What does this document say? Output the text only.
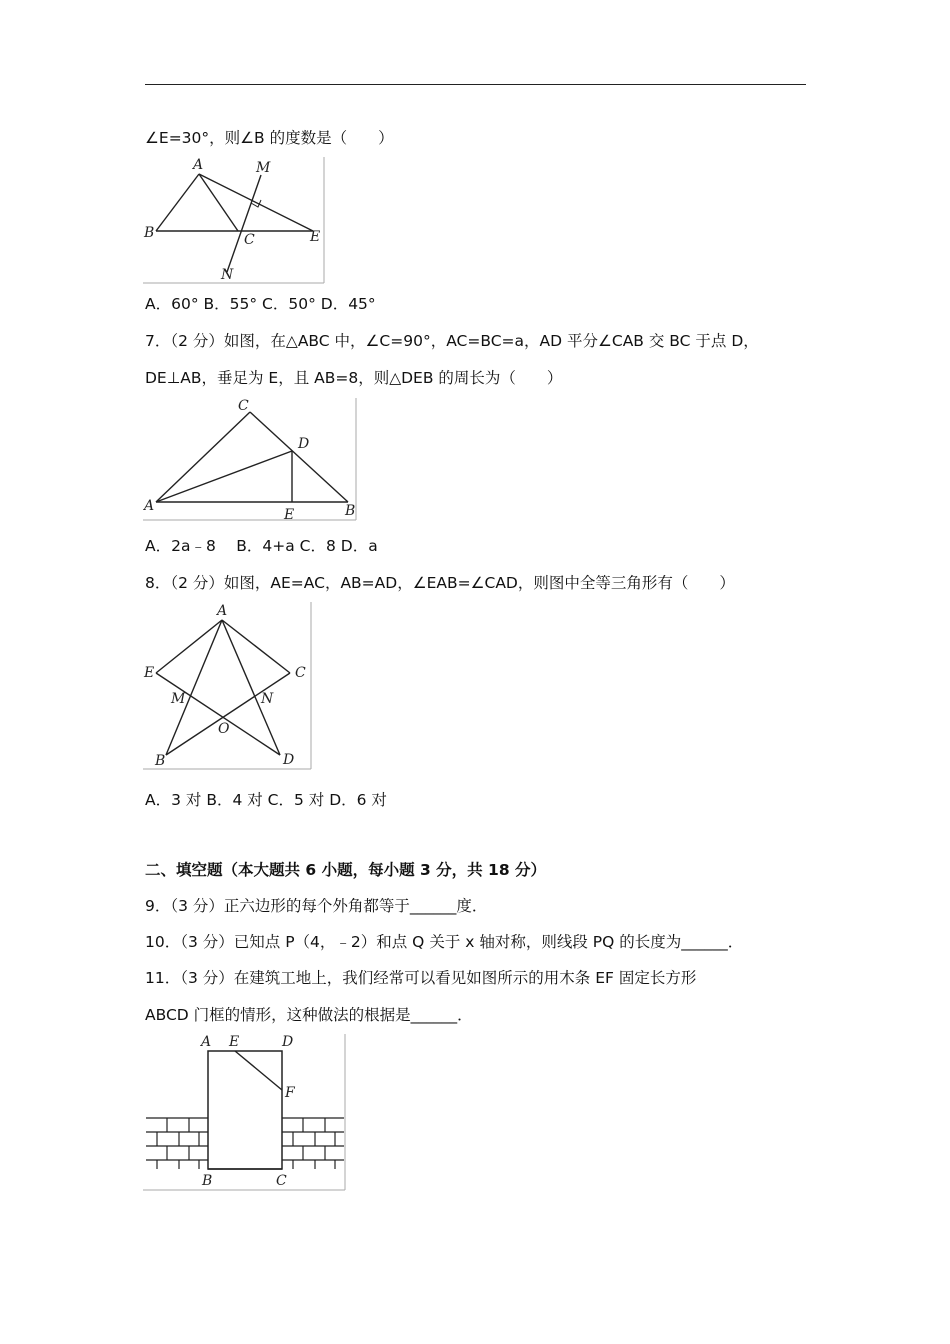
∠E=30°，则∠B 的度数是（　　）
A	M
B	C	E
N
A．60° B．55° C．50° D．45°
7．（2 分）如图，在△ABC 中，∠C=90°，AC=BC=a，AD 平分∠CAB 交 BC 于点 D，
DE⊥AB，垂足为 E，且 AB=8，则△DEB 的周长为（　　）
C
D
A
E	B
A．2a﹣8　 B．4+a C．8 D．a
8．（2 分）如图，AE=AC，AB=AD，∠EAB=∠CAD，则图中全等三角形有（　　）
A
E	C
M	N
O
B	D
A．3 对 B．4 对 C．5 对 D．6 对
二、填空题（本大题共 6 小题，每小题 3 分，共 18 分）
9．（3 分）正六边形的每个外角都等于______度．
10．（3 分）已知点 P（4，﹣2）和点 Q 关于 x 轴对称，则线段 PQ 的长度为______．
11．（3 分）在建筑工地上，我们经常可以看见如图所示的用木条 EF 固定长方形
ABCD 门框的情形，这种做法的根据是______．
A E	D
F
B	C
